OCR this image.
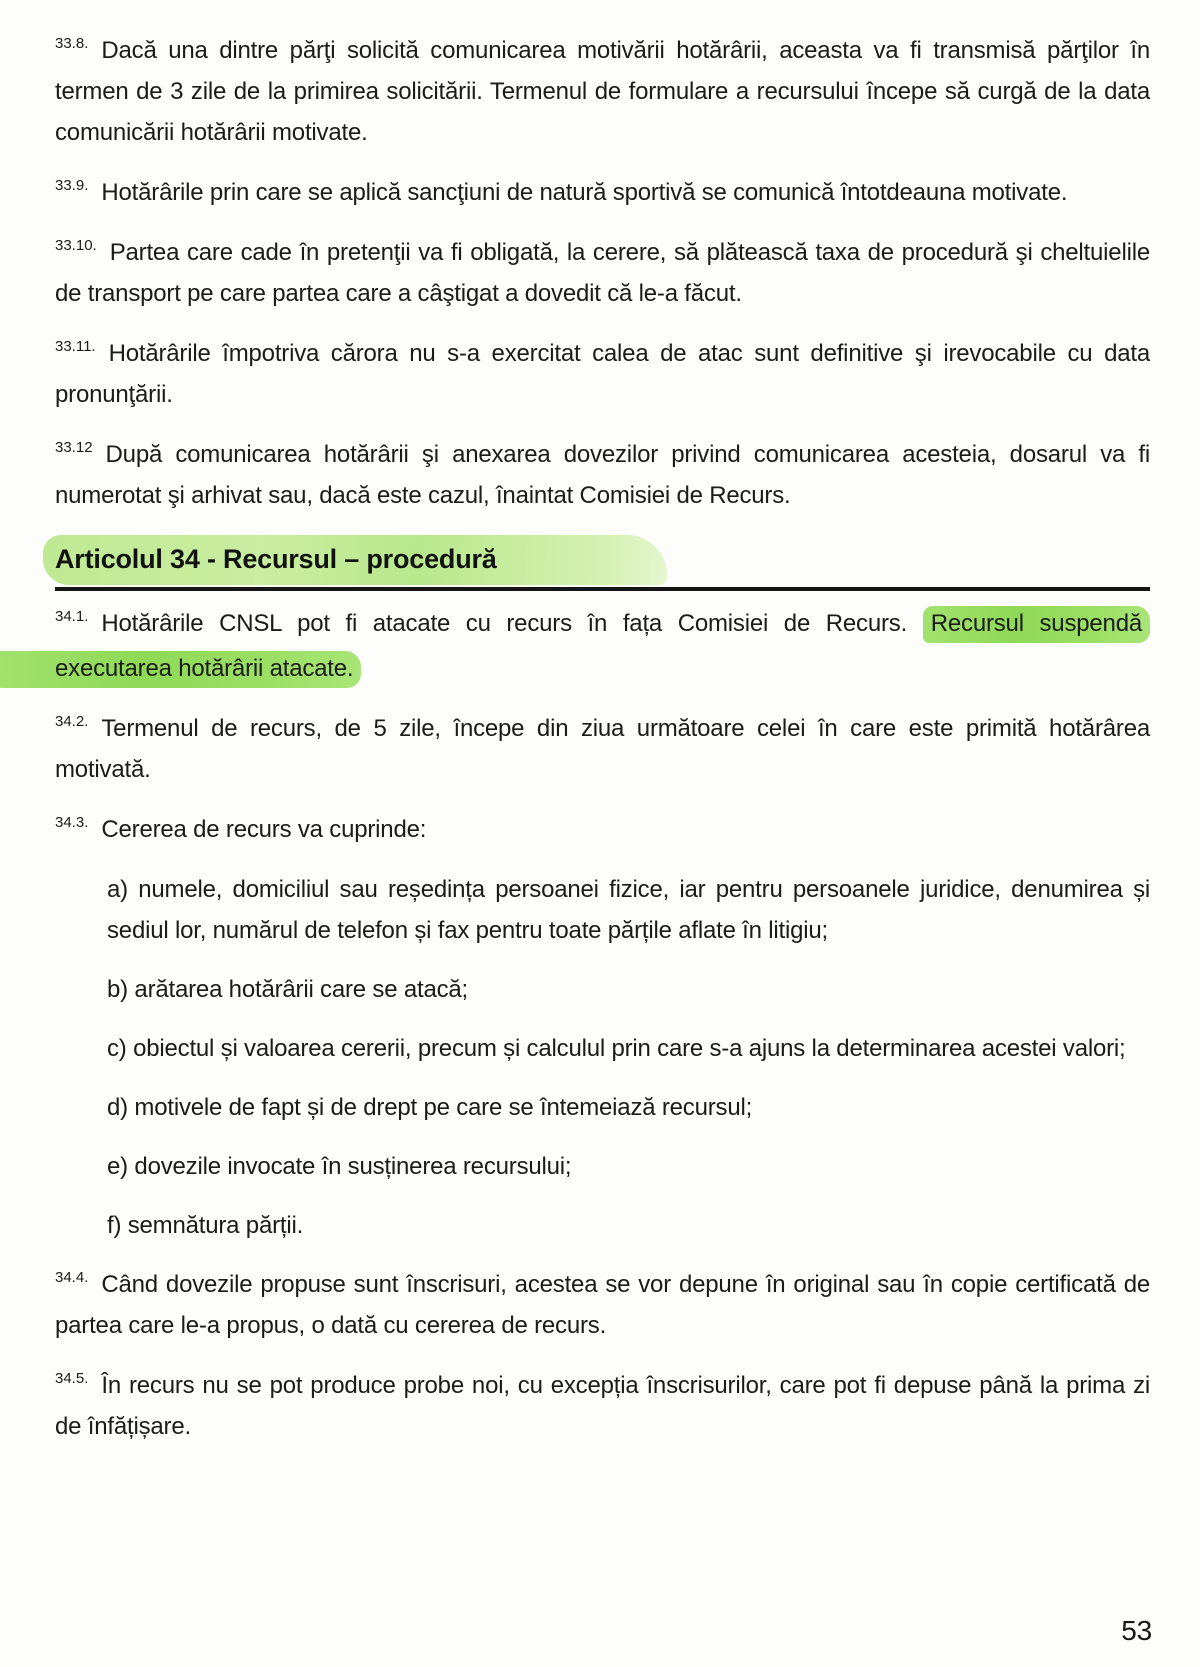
$^{33.8.}$ Dacă una dintre părţi solicită comunicarea motivării hotărârii, aceasta va fi transmisă părţilor în termen de 3 zile de la primirea solicitării. Termenul de formulare a recursului începe să curgă de la data comunicării hotărârii motivate.

$^{33.9.}$ Hotărârile prin care se aplică sancţiuni de natură sportivă se comunică întotdeauna motivate.

$^{33.10.}$ Partea care cade în pretenţii va fi obligată, la cerere, să plătească taxa de procedură şi cheltuielile de transport pe care partea care a câştigat a dovedit că le-a făcut.

$^{33.11.}$ Hotărârile împotriva cărora nu s-a exercitat calea de atac sunt definitive şi irevocabile cu data pronunţării.

$^{33.12}$ După comunicarea hotărârii şi anexarea dovezilor privind comunicarea acesteia, dosarul va fi numerotat şi arhivat sau, dacă este cazul, înaintat Comisiei de Recurs.

Articolul 34 - Recursul – procedură

$^{34.1.}$ Hotărârile CNSL pot fi atacate cu recurs în fața Comisiei de Recurs. Recursul suspendă
executarea hotărârii atacate.

$^{34.2.}$ Termenul de recurs, de 5 zile, începe din ziua următoare celei în care este primită hotărârea motivată.

$^{34.3.}$ Cererea de recurs va cuprinde:

a) numele, domiciliul sau reședința persoanei fizice, iar pentru persoanele juridice, denumirea și sediul lor, numărul de telefon și fax pentru toate părțile aflate în litigiu;

b) arătarea hotărârii care se atacă;

c) obiectul și valoarea cererii, precum și calculul prin care s-a ajuns la determinarea acestei valori;

d) motivele de fapt și de drept pe care se întemeiază recursul;

e) dovezile invocate în susținerea recursului;

f) semnătura părții.

$^{34.4.}$ Când dovezile propuse sunt înscrisuri, acestea se vor depune în original sau în copie certificată de partea care le-a propus, o dată cu cererea de recurs.

$^{34.5.}$ În recurs nu se pot produce probe noi, cu excepția înscrisurilor, care pot fi depuse până la prima zi de înfățișare.

53
